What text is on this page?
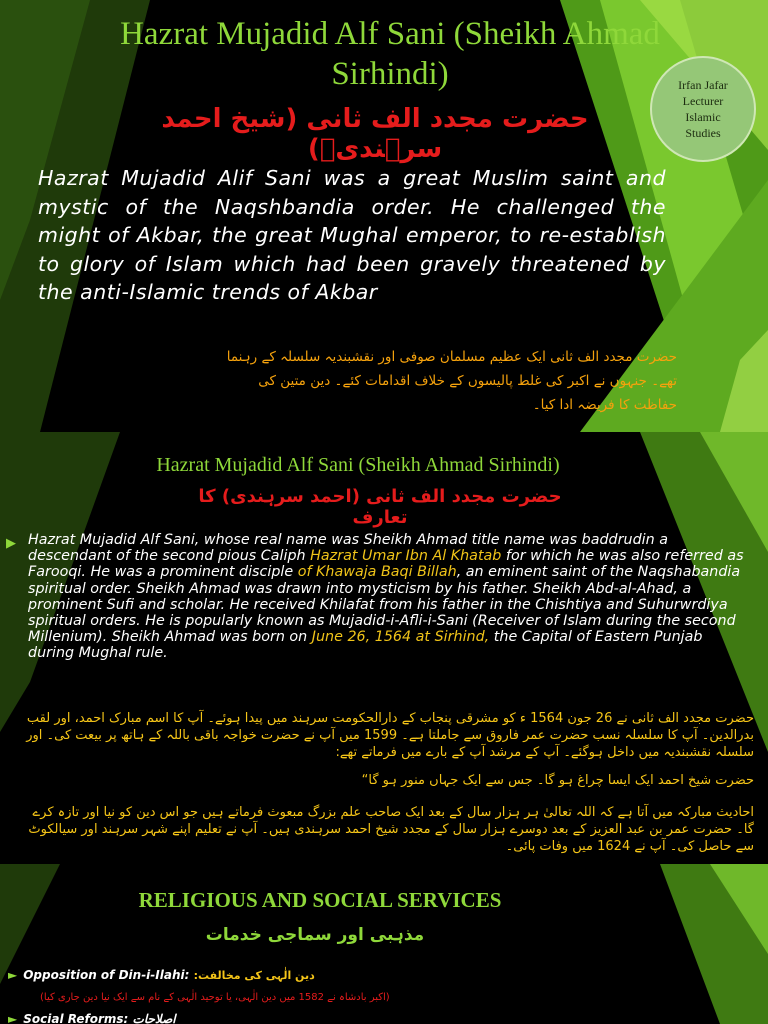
Hazrat Mujadid Alf Sani (Sheikh Ahmad Sirhindi)
حضرت مجدد الف ثانی (شیخ احمد سرہندیؒ)
Irfan Jafar
Lecturer
Islamic
Studies
Hazrat Mujadid Alif Sani was a great Muslim saint and mystic of the Naqshbandia order. He challenged the might of Akbar, the great Mughal emperor, to re-establish to glory of Islam which had been gravely threatened by the anti-Islamic trends of Akbar
حضرت مجدد الف ثانی ایک عظیم مسلمان صوفی اور نقشبندیہ سلسلہ کے رہنما تھے۔ جنہوں نے اکبر کی غلط پالیسوں کے خلاف اقدامات کئے۔ دین متین کی حفاظت کا فریضہ ادا کیا۔
Hazrat Mujadid Alf Sani (Sheikh Ahmad Sirhindi)
حضرت مجدد الف ثانی (احمد سرہندی) کا تعارف
▶ Hazrat Mujadid Alf Sani, whose real name was Sheikh Ahmad title name was baddrudin a descendant of the second pious Caliph Hazrat Umar Ibn Al Khatab for which he was also referred as Farooqi. He was a prominent disciple of Khawaja Baqi Billah, an eminent saint of the Naqshabandia spiritual order. Sheikh Ahmad was drawn into mysticism by his father. Sheikh Abd-al-Ahad, a prominent Sufi and scholar. He received Khilafat from his father in the Chishtiya and Suhurwrdiya spiritual orders. He is popularly known as Mujadid-i-Afli-i-Sani (Receiver of Islam during the second Millenium). Sheikh Ahmad was born on June 26, 1564 at Sirhind, the Capital of Eastern Punjab during Mughal rule.
حضرت مجدد الف ثانی نے 26 جون 1564 ء کو مشرقی پنجاب کے دارالحکومت سرہند میں پیدا ہوئے۔ آپ کا اسم مبارک احمد، اور لقب بدرالدین۔ آپ کا سلسلہ نسب حضرت عمر فاروق سے جاملتا ہے۔ 1599 میں آپ نے حضرت خواجہ باقی باللہ کے ہاتھ پر بیعت کی۔ اور سلسلہ نقشبندیہ میں داخل ہوگئے۔ آپ کے مرشد آپ کے بارے میں فرماتے تھے:
حضرت شیخ احمد ایک ایسا چراغ ہو گا۔ جس سے ایک جہاں منور ہو گا“
احادیث مبارکہ میں آتا ہے کہ اللہ تعالیٰ ہر ہزار سال کے بعد ایک صاحب علم بزرگ مبعوث فرماتے ہیں جو اس دین کو نیا اور تازہ کرے گا۔ حضرت عمر بن عبد العزیز کے بعد دوسرے ہزار سال کے مجدد شیخ احمد سرہندی ہیں۔ آپ نے تعلیم اپنے شہر سرہند اور سیالکوٹ سے حاصل کی۔ آپ نے 1624 میں وفات پائی۔
RELIGIOUS AND SOCIAL SERVICES
مذہبی اور سماجی خدمات
► Opposition of Din-i-Ilahi: دین الٰہی کی مخالفت:
(اکبر بادشاہ نے 1582 میں دین الٰہی، یا توحید الٰہی کے نام سے ایک نیا دین جاری کیا)
► Social Reforms: اصلاحات
